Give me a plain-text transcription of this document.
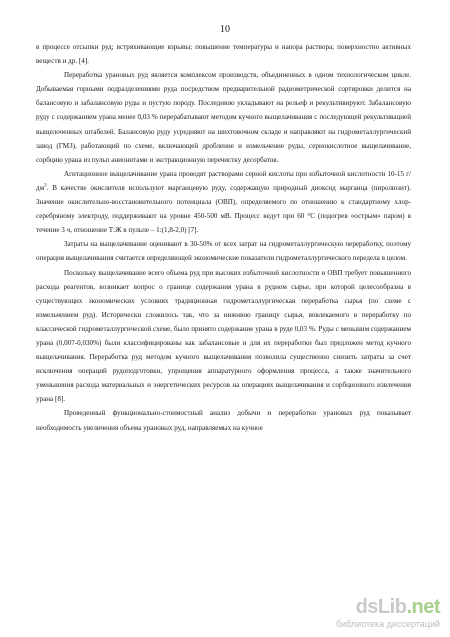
10

в процессе отсыпки руд; встряхивающие взрывы; повышение температуры и напора раствора; поверхностно активных веществ и др. [4].

Переработка урановых руд является комплексом производств, объединенных в одном технологическом цикле. Добываемая горными подразделениями руда посредством предварительной радиометрической сортировки делится на балансовую и забалансовую руды и пустую породу. Последнюю укладывают на рельеф и рекультивируют. Забалансовую руду с содержанием урана менее 0,03 % перерабатывают методом кучного выщелачивания с последующей рекультивацией выщелоченных штабелей. Балансовую руду усредняют на шихтовочном складе и направляют на гидрометаллургический завод (ГМЗ), работающий по схеме, включающей дробление и измельчение руды, сернокислотное выщелачивание, сорбцию урана из пульп анионитами и экстракционную перечистку десорбатов.

Агитационное выщелачивание урана проводят растворами серной кислоты при избыточной кислотности 10-15 $г/дм^3$. В качестве окислителя используют марганцевую руду, содержащую природный диоксид марганца (пиролюзит). Значение окислительно-восстановительного потенциала (ОВП), определяемого по отношению к стандартному хлор-серебряному электроду, поддерживают на уровне 450-500 мВ. Процесс ведут при 60 °С (подогрев «острым» паром) в течение 3 ч, отношение Т:Ж в пульпе – 1:(1,8-2,0) [7].

Затраты на выщелачивание оценивают в 30-50% от всех затрат на гидрометаллургическую переработку, поэтому операция выщелачивания считается определяющей экономические показатели гидрометаллургического передела в целом.

Поскольку выщелачивание всего объема руд при высоких избыточной кислотности и ОВП требует повышенного расхода реагентов, возникает вопрос о границе содержания урана в рудном сырье, при которой целесообразна в существующих экономических условиях традиционная гидрометаллургическая переработка сырья (по схеме с измельчением руд). Исторически сложилось так, что за нижнюю границу сырья, вовлекаемого в переработку по классической гидрометаллургической схеме, было принято содержание урана в руде 0,03 %. Руды с меньшим содержанием урана (0,007-0,030%) были классифицированы как забалансовые и для их переработки был предложен метод кучного выщелачивания. Переработка руд методом кучного выщелачивания позволила существенно снизить затраты за счет исключения операций рудоподготовки, упрощения аппаратурного оформления процесса, а также значительного уменьшения расхода материальных и энергетических ресурсов на операциях выщелачивания и сорбционного извлечения урана [8].

Проведенный функционально-стоимостный анализ добычи и переработки урановых руд показывает необходимость увеличения объема урановых руд, направляемых на кучное

dsLib.net
библиотека диссертаций
